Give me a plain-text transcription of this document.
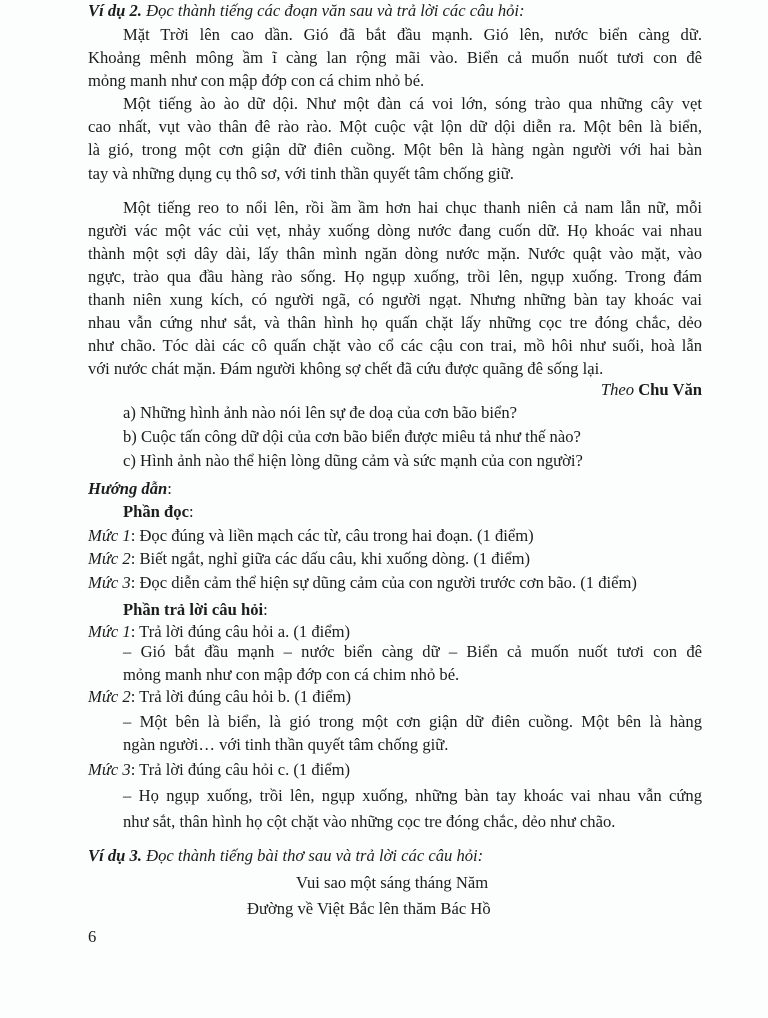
Ví dụ 2. Đọc thành tiếng các đoạn văn sau và trả lời các câu hỏi:
Mặt Trời lên cao dần. Gió đã bắt đầu mạnh. Gió lên, nước biển càng dữ.
Khoảng mênh mông ầm ĩ càng lan rộng mãi vào. Biển cả muốn nuốt tươi con đê
mỏng manh như con mập đớp con cá chim nhỏ bé.
Một tiếng ào ào dữ dội. Như một đàn cá voi lớn, sóng trào qua những cây vẹt
cao nhất, vụt vào thân đê rào rào. Một cuộc vật lộn dữ dội diễn ra. Một bên là biển,
là gió, trong một cơn giận dữ điên cuồng. Một bên là hàng ngàn người với hai bàn
tay và những dụng cụ thô sơ, với tinh thần quyết tâm chống giữ.
Một tiếng reo to nổi lên, rồi ầm ầm hơn hai chục thanh niên cả nam lẫn nữ, mỗi
người vác một vác củi vẹt, nhảy xuống dòng nước đang cuốn dữ. Họ khoác vai nhau
thành một sợi dây dài, lấy thân mình ngăn dòng nước mặn. Nước quật vào mặt, vào
ngực, trào qua đầu hàng rào sống. Họ ngụp xuống, trồi lên, ngụp xuống. Trong đám
thanh niên xung kích, có người ngã, có người ngạt. Nhưng những bàn tay khoác vai
nhau vẫn cứng như sắt, và thân hình họ quấn chặt lấy những cọc tre đóng chắc, dẻo
như chão. Tóc dài các cô quấn chặt vào cổ các cậu con trai, mồ hôi như suối, hoà lẫn
với nước chát mặn. Đám người không sợ chết đã cứu được quãng đê sống lại.
Theo Chu Văn
a) Những hình ảnh nào nói lên sự đe doạ của cơn bão biển?
b) Cuộc tấn công dữ dội của cơn bão biển được miêu tả như thế nào?
c) Hình ảnh nào thể hiện lòng dũng cảm và sức mạnh của con người?
Hướng dẫn:
Phần đọc:
Mức 1: Đọc đúng và liền mạch các từ, câu trong hai đoạn. (1 điểm)
Mức 2: Biết ngắt, nghỉ giữa các dấu câu, khi xuống dòng. (1 điểm)
Mức 3: Đọc diễn cảm thể hiện sự dũng cảm của con người trước cơn bão. (1 điểm)
Phần trả lời câu hỏi:
Mức 1: Trả lời đúng câu hỏi a. (1 điểm)
– Gió bắt đầu mạnh – nước biển càng dữ – Biển cả muốn nuốt tươi con đê
mỏng manh như con mập đớp con cá chim nhỏ bé.
Mức 2: Trả lời đúng câu hỏi b. (1 điểm)
– Một bên là biển, là gió trong một cơn giận dữ điên cuồng. Một bên là hàng
ngàn người… với tinh thần quyết tâm chống giữ.
Mức 3: Trả lời đúng câu hỏi c. (1 điểm)
– Họ ngụp xuống, trồi lên, ngụp xuống, những bàn tay khoác vai nhau vẫn cứng
như sắt, thân hình họ cột chặt vào những cọc tre đóng chắc, dẻo như chão.
Ví dụ 3. Đọc thành tiếng bài thơ sau và trả lời các câu hỏi:
Vui sao một sáng tháng Năm
Đường về Việt Bắc lên thăm Bác Hồ
6
